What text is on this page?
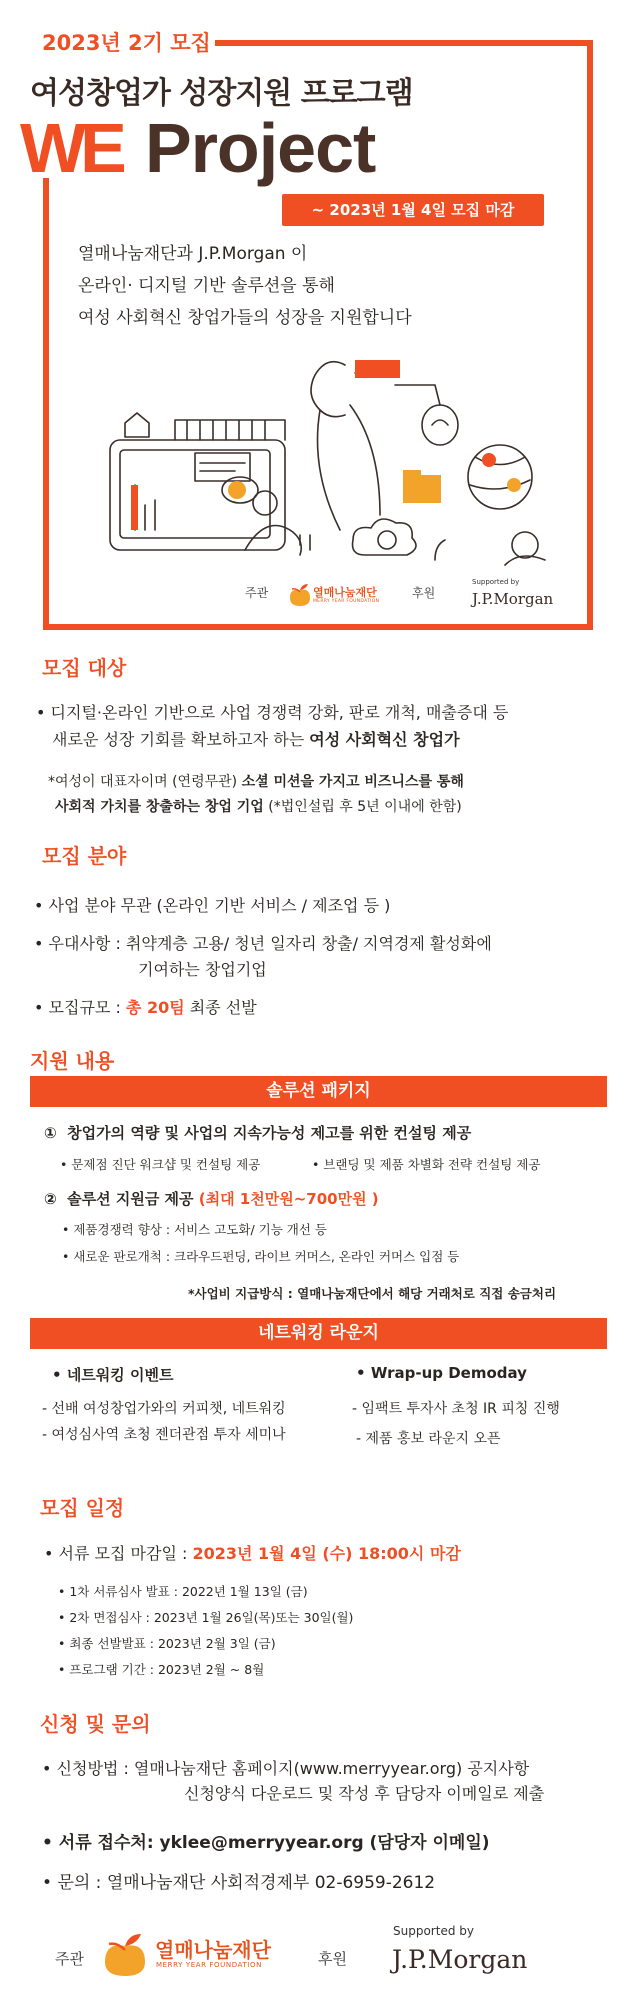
2023년 2기 모집
여성창업가 성장지원 프로그램
WE Project
~ 2023년 1월 4일 모집 마감
열매나눔재단과 J.P.Morgan 이
온라인· 디지털 기반 솔루션을 통해
여성 사회혁신 창업가들의 성장을 지원합니다
주관	열매나눔재단
MERRY YEAR FOUNDATION
후원
Supported by
J.P.Morgan
모집 대상
• 디지털·온라인 기반으로 사업 경쟁력 강화, 판로 개척, 매출증대 등
새로운 성장 기회를 확보하고자 하는 여성 사회혁신 창업가
*여성이 대표자이며 (연령무관) 소셜 미션을 가지고 비즈니스를 통해
사회적 가치를 창출하는 창업 기업 (*법인설립 후 5년 이내에 한함)
모집 분야
• 사업 분야 무관 (온라인 기반 서비스 / 제조업 등 )
• 우대사항 : 취약계층 고용/ 청년 일자리 창출/ 지역경제 활성화에
기여하는 창업기업
• 모집규모 : 총 20팀 최종 선발
지원 내용
솔루션 패키지
① 창업가의 역량 및 사업의 지속가능성 제고를 위한 컨설팅 제공
• 문제점 진단 워크샵 및 컨설팅 제공	• 브랜딩 및 제품 차별화 전략 컨설팅 제공
② 솔루션 지원금 제공 (최대 1천만원~700만원 )
• 제품경쟁력 향상 : 서비스 고도화/ 기능 개선 등
• 새로운 판로개척 : 크라우드펀딩, 라이브 커머스, 온라인 커머스 입점 등
*사업비 지급방식 : 열매나눔재단에서 해당 거래처로 직접 송금처리
네트워킹 라운지
• 네트워킹 이벤트
- 선배 여성창업가와의 커피챗, 네트워킹
- 여성심사역 초청 젠더관점 투자 세미나
• Wrap-up Demoday
- 임팩트 투자사 초청 IR 피칭 진행
- 제품 홍보 라운지 오픈
모집 일정
• 서류 모집 마감일 : 2023년 1월 4일 (수) 18:00시 마감
• 1차 서류심사 발표 : 2022년 1월 13일 (금)
• 2차 면접심사 : 2023년 1월 26일(목)또는 30일(월)
• 최종 선발발표 : 2023년 2월 3일 (금)
• 프로그램 기간 : 2023년 2월 ~ 8월
신청 및 문의
• 신청방법 : 열매나눔재단 홈페이지(www.merryyear.org) 공지사항
신청양식 다운로드 및 작성 후 담당자 이메일로 제출
• 서류 접수처: yklee@merryyear.org (담당자 이메일)
• 문의 : 열매나눔재단 사회적경제부 02-6959-2612
주관	열매나눔재단
MERRY YEAR FOUNDATION	후원
Supported by
J.P.Morgan
